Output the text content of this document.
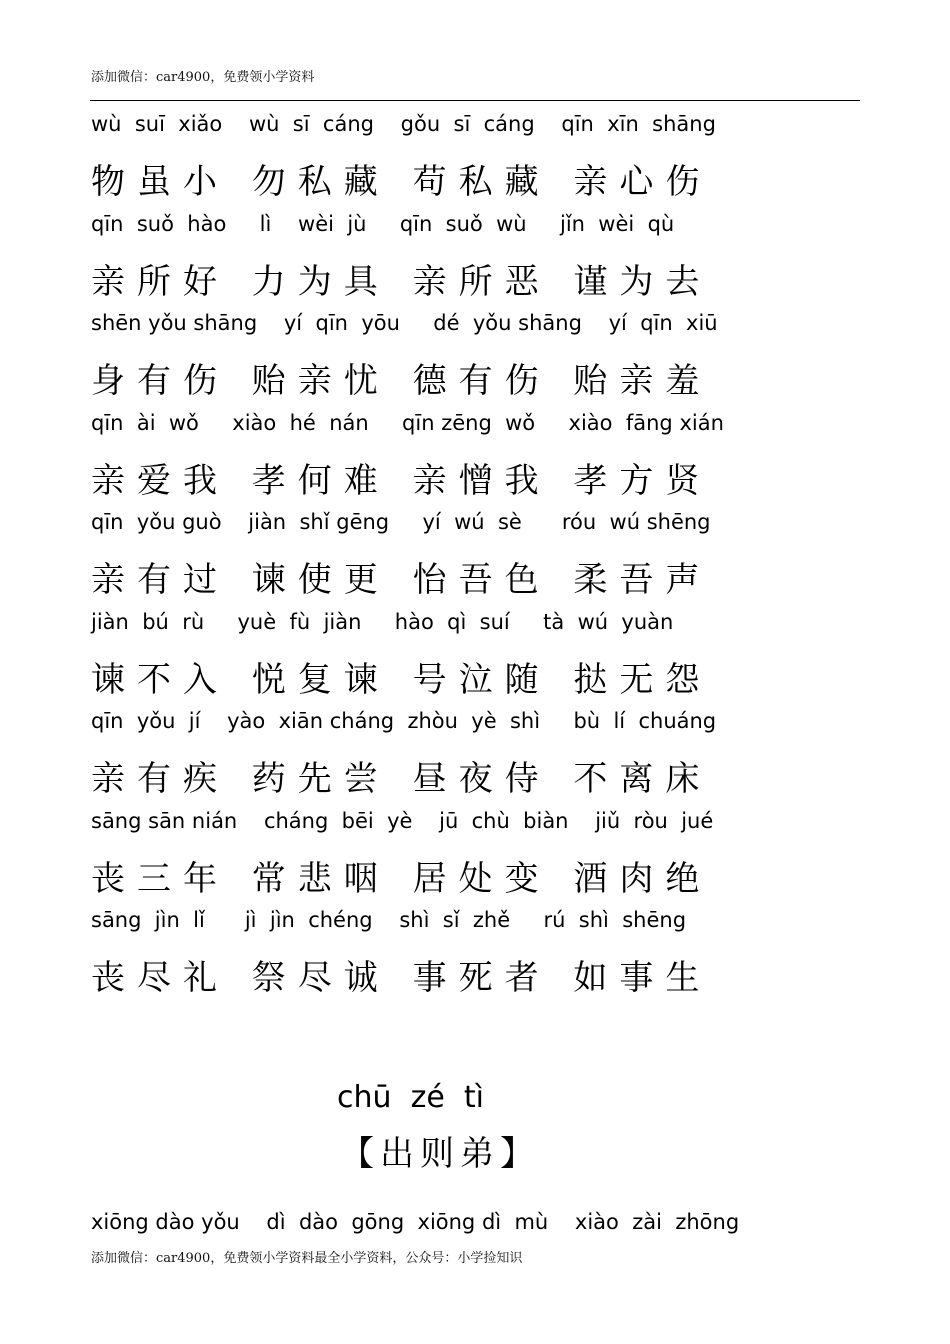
添加微信：car4900，免费领小学资料
wù  suī  xiǎo    wù  sī  cáng    gǒu  sī  cáng    qīn  xīn  shāng
物虽小 勿私藏 苟私藏 亲心伤
qīn  suǒ  hào     lì    wèi  jù     qīn  suǒ  wù     jǐn  wèi  qù
亲所好 力为具 亲所恶 谨为去
shēn yǒu shāng    yí  qīn  yōu     dé  yǒu shāng    yí  qīn  xiū
身有伤 贻亲忧 德有伤 贻亲羞
qīn  ài  wǒ     xiào  hé  nán     qīn zēng  wǒ     xiào  fāng xián
亲爱我 孝何难 亲憎我 孝方贤
qīn  yǒu guò    jiàn  shǐ gēng     yí  wú  sè      róu  wú shēng
亲有过 谏使更 怡吾色 柔吾声
jiàn  bú  rù     yuè  fù  jiàn     hào  qì  suí     tà  wú  yuàn
谏不入 悦复谏 号泣随 挞无怨
qīn  yǒu  jí    yào  xiān cháng  zhòu  yè  shì     bù  lí  chuáng
亲有疾 药先尝 昼夜侍 不离床
sāng sān nián    cháng  bēi  yè    jū  chù  biàn    jiǔ  ròu  jué
丧三年 常悲咽 居处变 酒肉绝
sāng  jìn  lǐ      jì  jìn  chéng    shì  sǐ  zhě     rú  shì  shēng
丧尽礼 祭尽诚 事死者 如事生
chū  zé  tì
【出则弟】
xiōng dào yǒu    dì  dào  gōng  xiōng dì  mù    xiào  zài  zhōng
添加微信：car4900，免费领小学资料最全小学资料，公众号：小学捡知识
